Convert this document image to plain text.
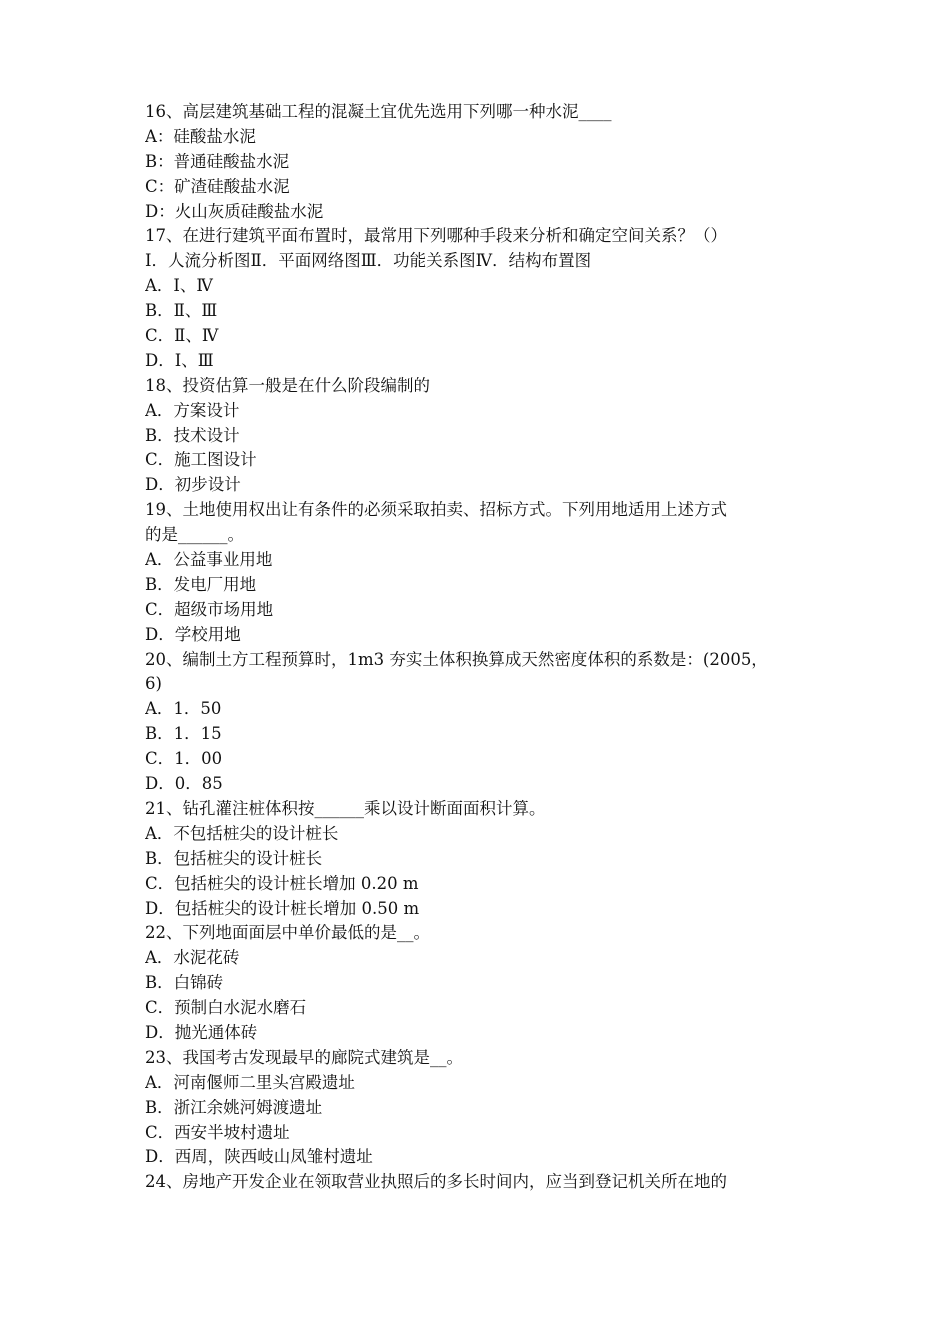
16、高层建筑基础工程的混凝土宜优先选用下列哪一种水泥____
A：硅酸盐水泥
B：普通硅酸盐水泥
C：矿渣硅酸盐水泥
D：火山灰质硅酸盐水泥
17、在进行建筑平面布置时，最常用下列哪种手段来分析和确定空间关系？（）
Ⅰ．人流分析图Ⅱ．平面网络图Ⅲ．功能关系图Ⅳ．结构布置图
A．Ⅰ、Ⅳ
B．Ⅱ、Ⅲ
C．Ⅱ、Ⅳ
D．Ⅰ、Ⅲ
18、投资估算一般是在什么阶段编制的
A．方案设计
B．技术设计
C．施工图设计
D．初步设计
19、土地使用权出让有条件的必须采取拍卖、招标方式。下列用地适用上述方式
的是______。
A．公益事业用地
B．发电厂用地
C．超级市场用地
D．学校用地
20、编制土方工程预算时，1m3 夯实土体积换算成天然密度体积的系数是：(2005，
6)
A．1．50
B．1．15
C．1．00
D．0．85
21、钻孔灌注桩体积按______乘以设计断面面积计算。
A．不包括桩尖的设计桩长
B．包括桩尖的设计桩长
C．包括桩尖的设计桩长增加 0.20 m
D．包括桩尖的设计桩长增加 0.50 m
22、下列地面面层中单价最低的是__。
A．水泥花砖
B．白锦砖
C．预制白水泥水磨石
D．抛光通体砖
23、我国考古发现最早的廊院式建筑是__。
A．河南偃师二里头宫殿遗址
B．浙江余姚河姆渡遗址
C．西安半坡村遗址
D．西周，陕西岐山凤雏村遗址
24、房地产开发企业在领取营业执照后的多长时间内，应当到登记机关所在地的
